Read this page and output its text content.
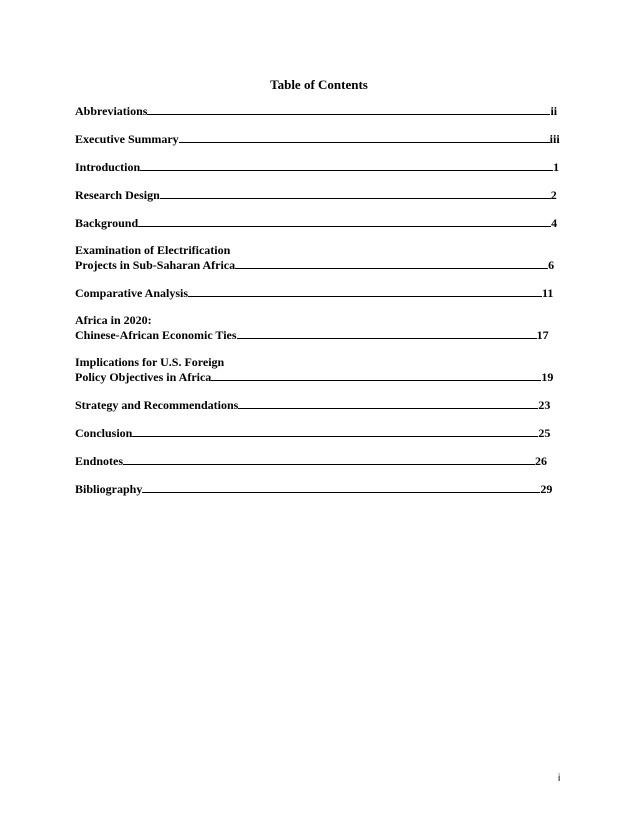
Table of Contents
Abbreviations	ii
Executive Summary	iii
Introduction	1
Research Design	2
Background	4
Examination of Electrification
Projects in Sub-Saharan Africa	6
Comparative Analysis	11
Africa in 2020:
Chinese-African Economic Ties	17
Implications for U.S. Foreign
Policy Objectives in Africa	19
Strategy and Recommendations	23
Conclusion	25
Endnotes	26
Bibliography	29
i
